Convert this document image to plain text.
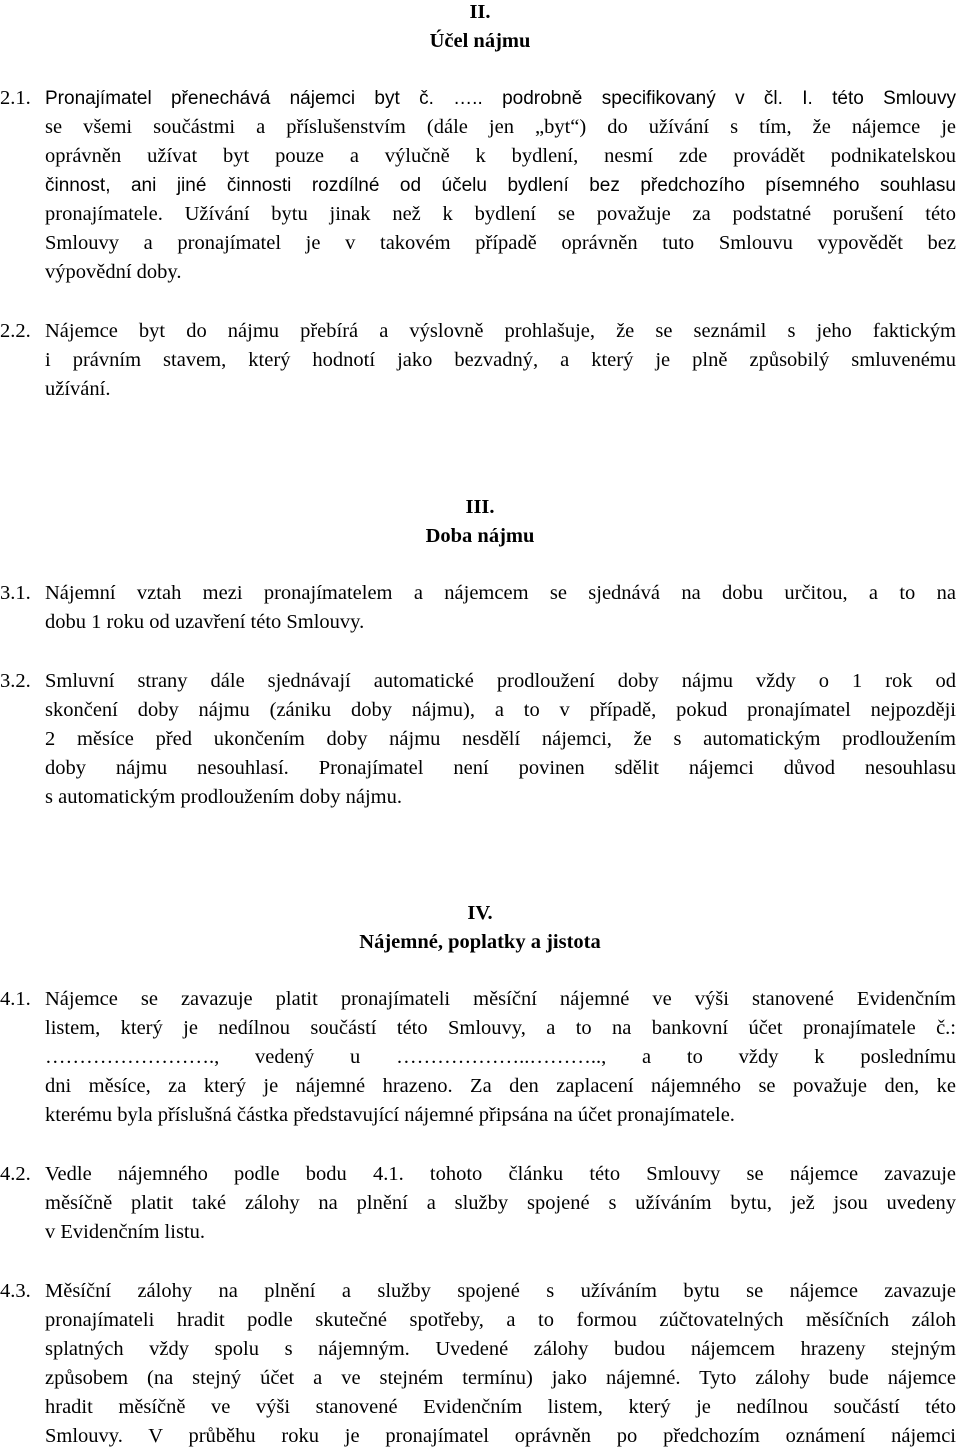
II.
Účel nájmu
2.1. Pronajímatel přenechává nájemci byt č. ….. podrobně specifikovaný v čl. I. této Smlouvy
se všemi součástmi a příslušenstvím (dále jen „byt“) do užívání s tím, že nájemce je
oprávněn užívat byt pouze a výlučně k bydlení, nesmí zde provádět podnikatelskou
činnost, ani jiné činnosti rozdílné od účelu bydlení bez předchozího písemného souhlasu
pronajímatele. Užívání bytu jinak než k bydlení se považuje za podstatné porušení této
Smlouvy a pronajímatel je v takovém případě oprávněn tuto Smlouvu vypovědět bez
výpovědní doby.
2.2. Nájemce byt do nájmu přebírá a výslovně prohlašuje, že se seznámil s jeho faktickým
i právním stavem, který hodnotí jako bezvadný, a který je plně způsobilý smluvenému
užívání.
III.
Doba nájmu
3.1. Nájemní vztah mezi pronajímatelem a nájemcem se sjednává na dobu určitou, a to na
dobu 1 roku od uzavření této Smlouvy.
3.2. Smluvní strany dále sjednávají automatické prodloužení doby nájmu vždy o 1 rok od
skončení doby nájmu (zániku doby nájmu), a to v případě, pokud pronajímatel nejpozději
2 měsíce před ukončením doby nájmu nesdělí nájemci, že s automatickým prodloužením
doby nájmu nesouhlasí. Pronajímatel není povinen sdělit nájemci důvod nesouhlasu
s automatickým prodloužením doby nájmu.
IV.
Nájemné, poplatky a jistota
4.1. Nájemce se zavazuje platit pronajímateli měsíční nájemné ve výši stanovené Evidenčním
listem, který je nedílnou součástí této Smlouvy, a to na bankovní účet pronajímatele č.:
……………………., vedený u ………………..……….., a to vždy k poslednímu
dni měsíce, za který je nájemné hrazeno. Za den zaplacení nájemného se považuje den, ke
kterému byla příslušná částka představující nájemné připsána na účet pronajímatele.
4.2. Vedle nájemného podle bodu 4.1. tohoto článku této Smlouvy se nájemce zavazuje
měsíčně platit také zálohy na plnění a služby spojené s užíváním bytu, jež jsou uvedeny
v Evidenčním listu.
4.3. Měsíční zálohy na plnění a služby spojené s užíváním bytu se nájemce zavazuje
pronajímateli hradit podle skutečné spotřeby, a to formou zúčtovatelných měsíčních záloh
splatných vždy spolu s nájemným. Uvedené zálohy budou nájemcem hrazeny stejným
způsobem (na stejný účet a ve stejném termínu) jako nájemné. Tyto zálohy bude nájemce
hradit měsíčně ve výši stanovené Evidenčním listem, který je nedílnou součástí této
Smlouvy. V průběhu roku je pronajímatel oprávněn po předchozím oznámení nájemci
